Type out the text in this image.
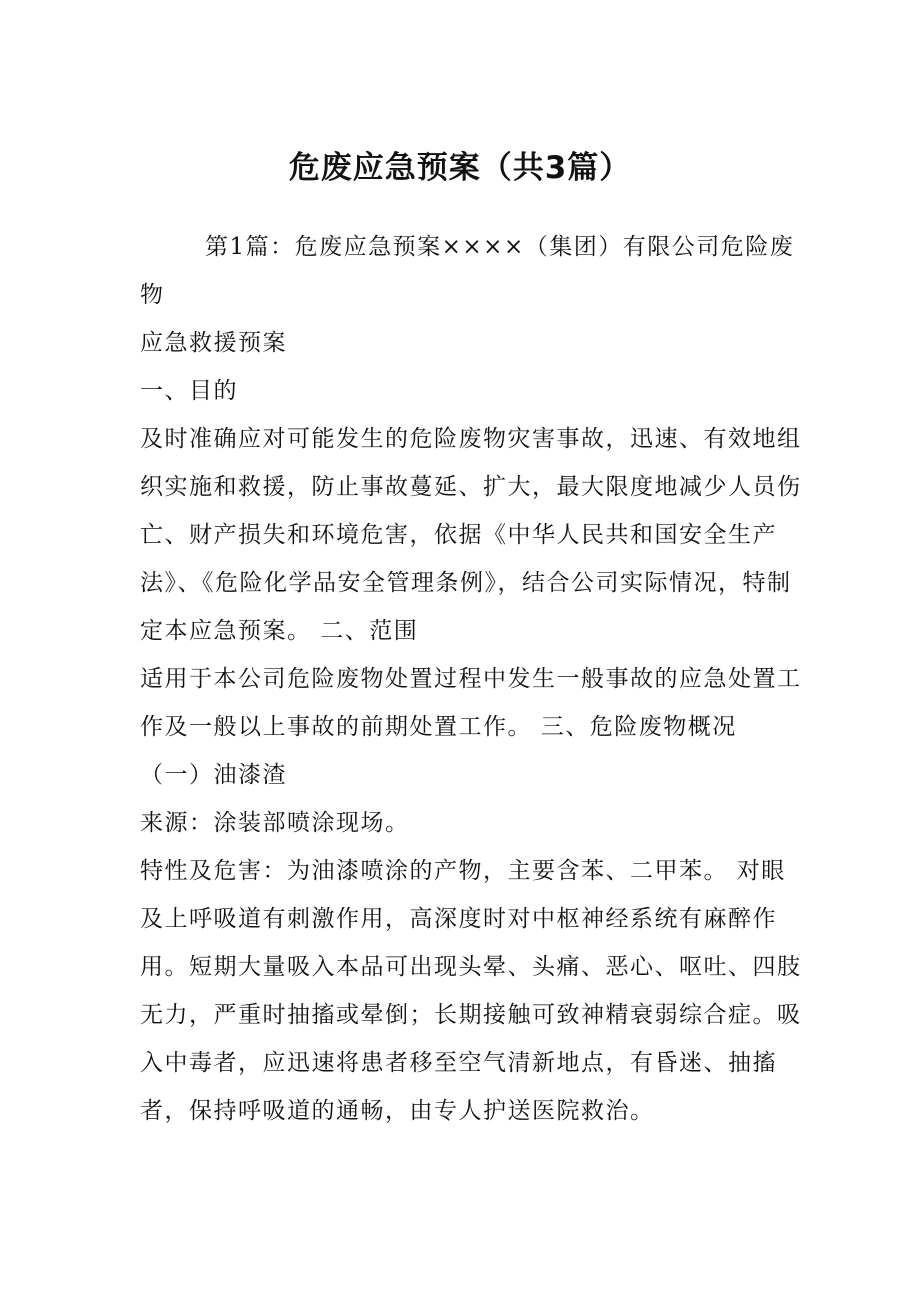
危废应急预案（共3篇）

第1篇：危废应急预案××××（集团）有限公司危险废物

应急救援预案

一、目的

及时准确应对可能发生的危险废物灾害事故，迅速、有效地组织实施和救援，防止事故蔓延、扩大，最大限度地减少人员伤亡、财产损失和环境危害，依据《中华人民共和国安全生产法》、《危险化学品安全管理条例》，结合公司实际情况，特制定本应急预案。 二、范围

适用于本公司危险废物处置过程中发生一般事故的应急处置工作及一般以上事故的前期处置工作。 三、危险废物概况

（一）油漆渣

来源：涂装部喷涂现场。

特性及危害：为油漆喷涂的产物，主要含苯、二甲苯。 对眼及上呼吸道有刺激作用，高深度时对中枢神经系统有麻醉作用。短期大量吸入本品可出现头晕、头痛、恶心、呕吐、四肢无力，严重时抽搐或晕倒；长期接触可致神精衰弱综合症。吸入中毒者，应迅速将患者移至空气清新地点，有昏迷、抽搐者，保持呼吸道的通畅，由专人护送医院救治。
